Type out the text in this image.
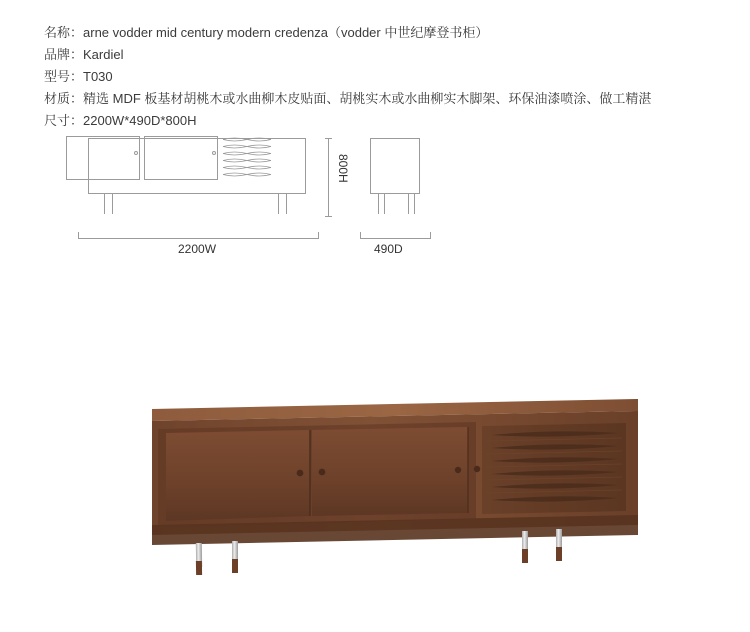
名称：arne vodder mid century modern credenza（vodder 中世纪摩登书柜）
品牌：Kardiel
型号：T030
材质：精选 MDF 板基材胡桃木或水曲柳木皮贴面、胡桃实木或水曲柳实木脚架、环保油漆喷涂、做工精湛
尺寸：2200W*490D*800H
800H
2200W	490D
